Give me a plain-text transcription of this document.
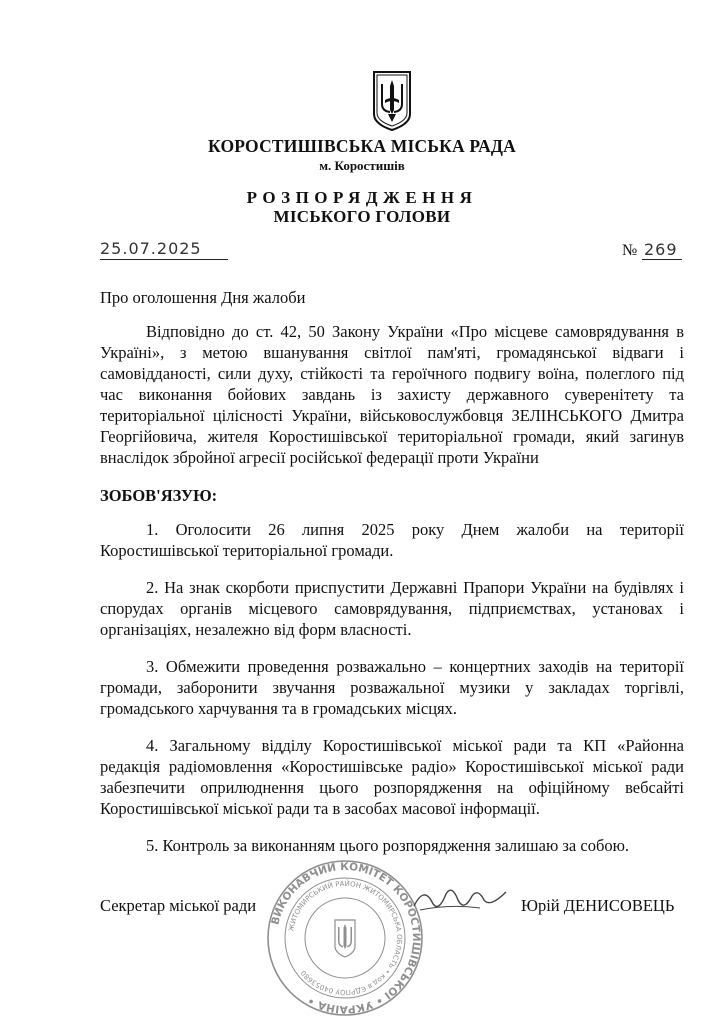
КОРОСТИШІВСЬКА МІСЬКА РАДА
м. Коростишів
РОЗПОРЯДЖЕННЯ
МІСЬКОГО ГОЛОВИ
25.07.2025	№ 269
Про оголошення Дня жалоби
Відповідно до ст. 42, 50 Закону України «Про місцеве самоврядування в Україні», з метою вшанування світлої пам'яті, громадянської відваги і самовідданості, сили духу, стійкості та героїчного подвигу воїна, полеглого під час виконання бойових завдань із захисту державного суверенітету та територіальної цілісності України, військовослужбовця ЗЕЛІНСЬКОГО Дмитра Георгійовича, жителя Коростишівської територіальної громади, який загинув внаслідок збройної агресії російської федерації проти України
ЗОБОВ'ЯЗУЮ:
1. Оголосити 26 липня 2025 року Днем жалоби на території Коростишівської територіальної громади.
2. На знак скорботи приспустити Державні Прапори України на будівлях і спорудах органів місцевого самоврядування, підприємствах, установах і організаціях, незалежно від форм власності.
3. Обмежити проведення розважально – концертних заходів на території громади, заборонити звучання розважальної музики у закладах торгівлі, громадського харчування та в громадських місцях.
4. Загальному відділу Коростишівської міської ради та КП «Районна редакція радіомовлення «Коростишівське радіо» Коростишівської міської ради забезпечити оприлюднення цього розпорядження на офіційному вебсайті Коростишівської міської ради та в засобах масової інформації.
5. Контроль за виконанням цього розпорядження залишаю за собою.
ВИКОНАВЧИЙ КОМІТЕТ КОРОСТИШІВСЬКОЇ • УКРАЇНА •
ЖИТОМИРСЬКИЙ РАЙОН ЖИТОМИРСЬКА ОБЛАСТЬ • код в ЄДРПОУ 04053680
Секретар міської ради	Юрій ДЕНИСОВЕЦЬ
